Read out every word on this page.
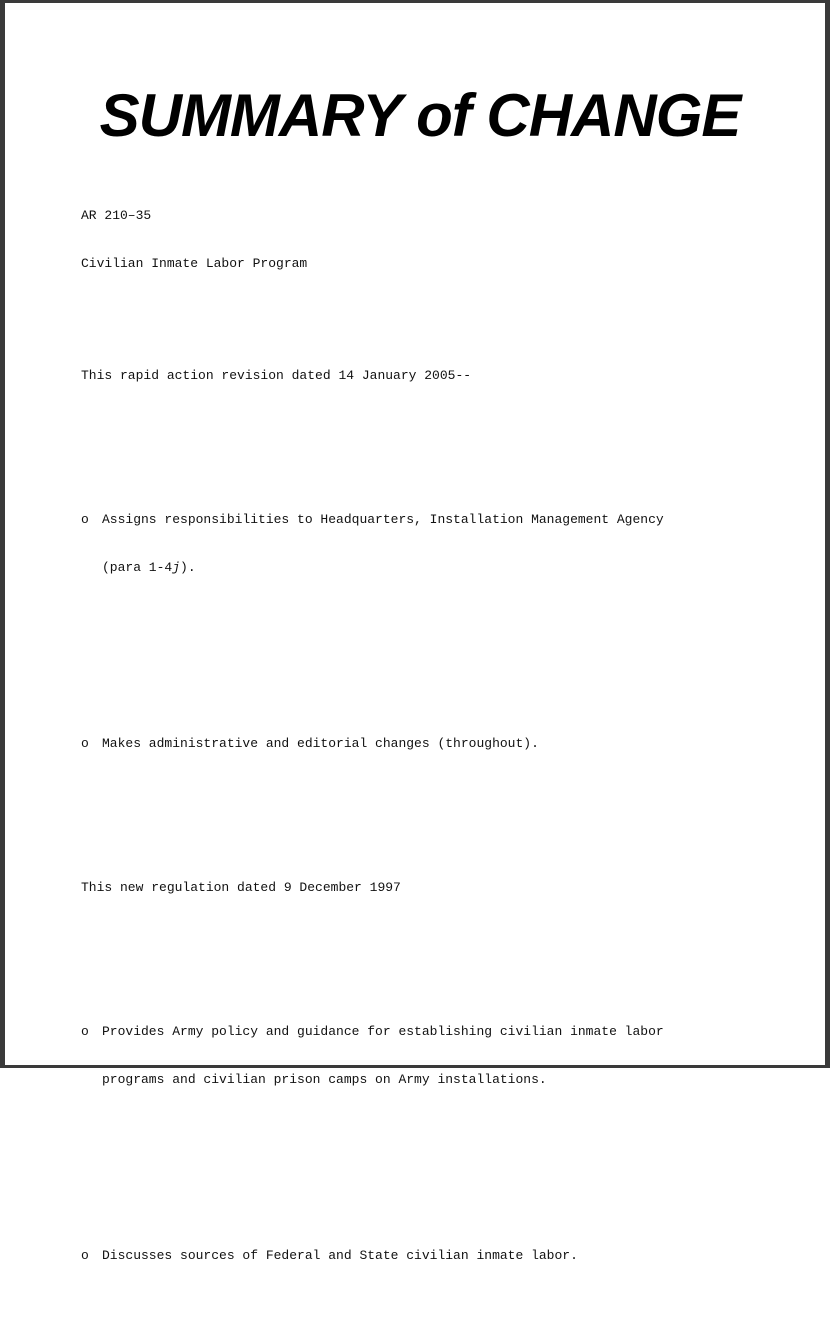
SUMMARY of CHANGE

AR 210–35

Civilian Inmate Labor Program

This rapid action revision dated 14 January 2005--

o Assigns responsibilities to Headquarters, Installation Management Agency

(para 1-4j).

o Makes administrative and editorial changes (throughout).

This new regulation dated 9 December 1997

o Provides Army policy and guidance for establishing civilian inmate labor

programs and civilian prison camps on Army installations.

o Discusses sources of Federal and State civilian inmate labor.
